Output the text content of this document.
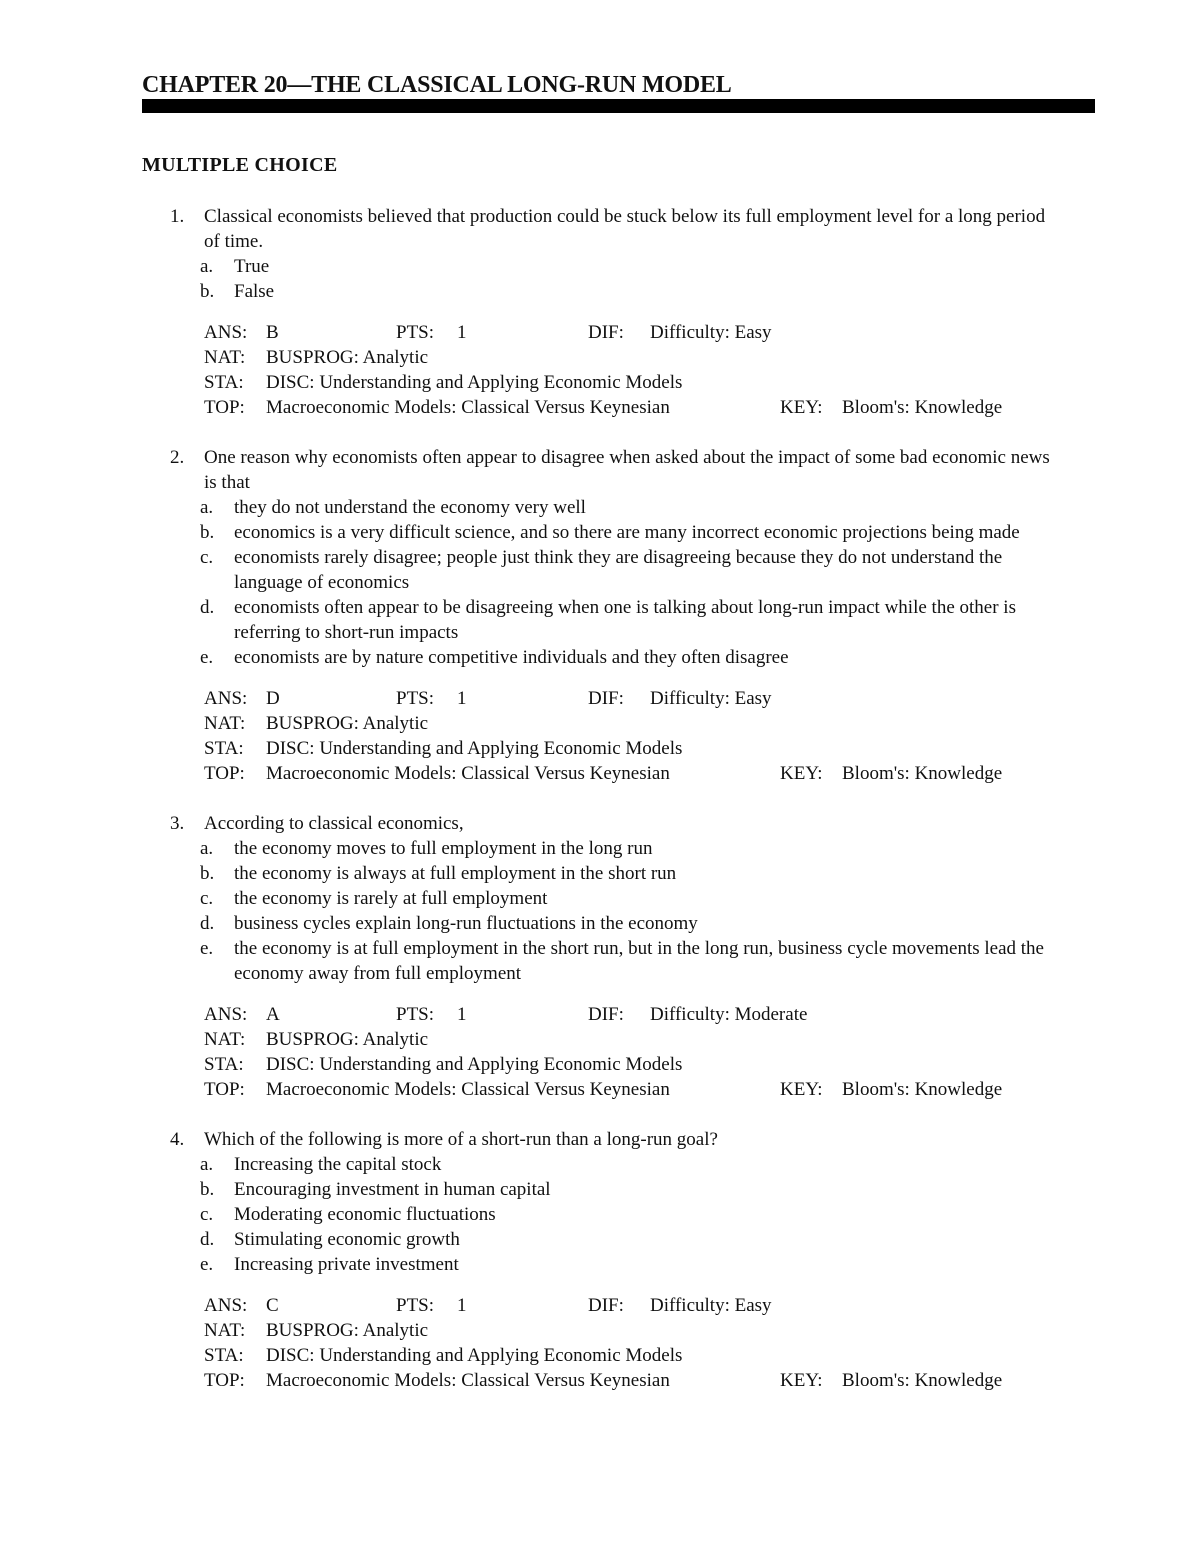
CHAPTER 20—THE CLASSICAL LONG-RUN MODEL
MULTIPLE CHOICE
1. Classical economists believed that production could be stuck below its full employment level for a long period of time.
a. True
b. False
ANS: B	PTS: 1	DIF: Difficulty: Easy
NAT: BUSPROG: Analytic
STA: DISC: Understanding and Applying Economic Models
TOP: Macroeconomic Models: Classical Versus Keynesian	KEY: Bloom's: Knowledge
2. One reason why economists often appear to disagree when asked about the impact of some bad economic news is that
a. they do not understand the economy very well
b. economics is a very difficult science, and so there are many incorrect economic projections being made
c. economists rarely disagree; people just think they are disagreeing because they do not understand the language of economics
d. economists often appear to be disagreeing when one is talking about long-run impact while the other is referring to short-run impacts
e. economists are by nature competitive individuals and they often disagree
ANS: D	PTS: 1	DIF: Difficulty: Easy
NAT: BUSPROG: Analytic
STA: DISC: Understanding and Applying Economic Models
TOP: Macroeconomic Models: Classical Versus Keynesian	KEY: Bloom's: Knowledge
3. According to classical economics,
a. the economy moves to full employment in the long run
b. the economy is always at full employment in the short run
c. the economy is rarely at full employment
d. business cycles explain long-run fluctuations in the economy
e. the economy is at full employment in the short run, but in the long run, business cycle movements lead the economy away from full employment
ANS: A	PTS: 1	DIF: Difficulty: Moderate
NAT: BUSPROG: Analytic
STA: DISC: Understanding and Applying Economic Models
TOP: Macroeconomic Models: Classical Versus Keynesian	KEY: Bloom's: Knowledge
4. Which of the following is more of a short-run than a long-run goal?
a. Increasing the capital stock
b. Encouraging investment in human capital
c. Moderating economic fluctuations
d. Stimulating economic growth
e. Increasing private investment
ANS: C	PTS: 1	DIF: Difficulty: Easy
NAT: BUSPROG: Analytic
STA: DISC: Understanding and Applying Economic Models
TOP: Macroeconomic Models: Classical Versus Keynesian	KEY: Bloom's: Knowledge
